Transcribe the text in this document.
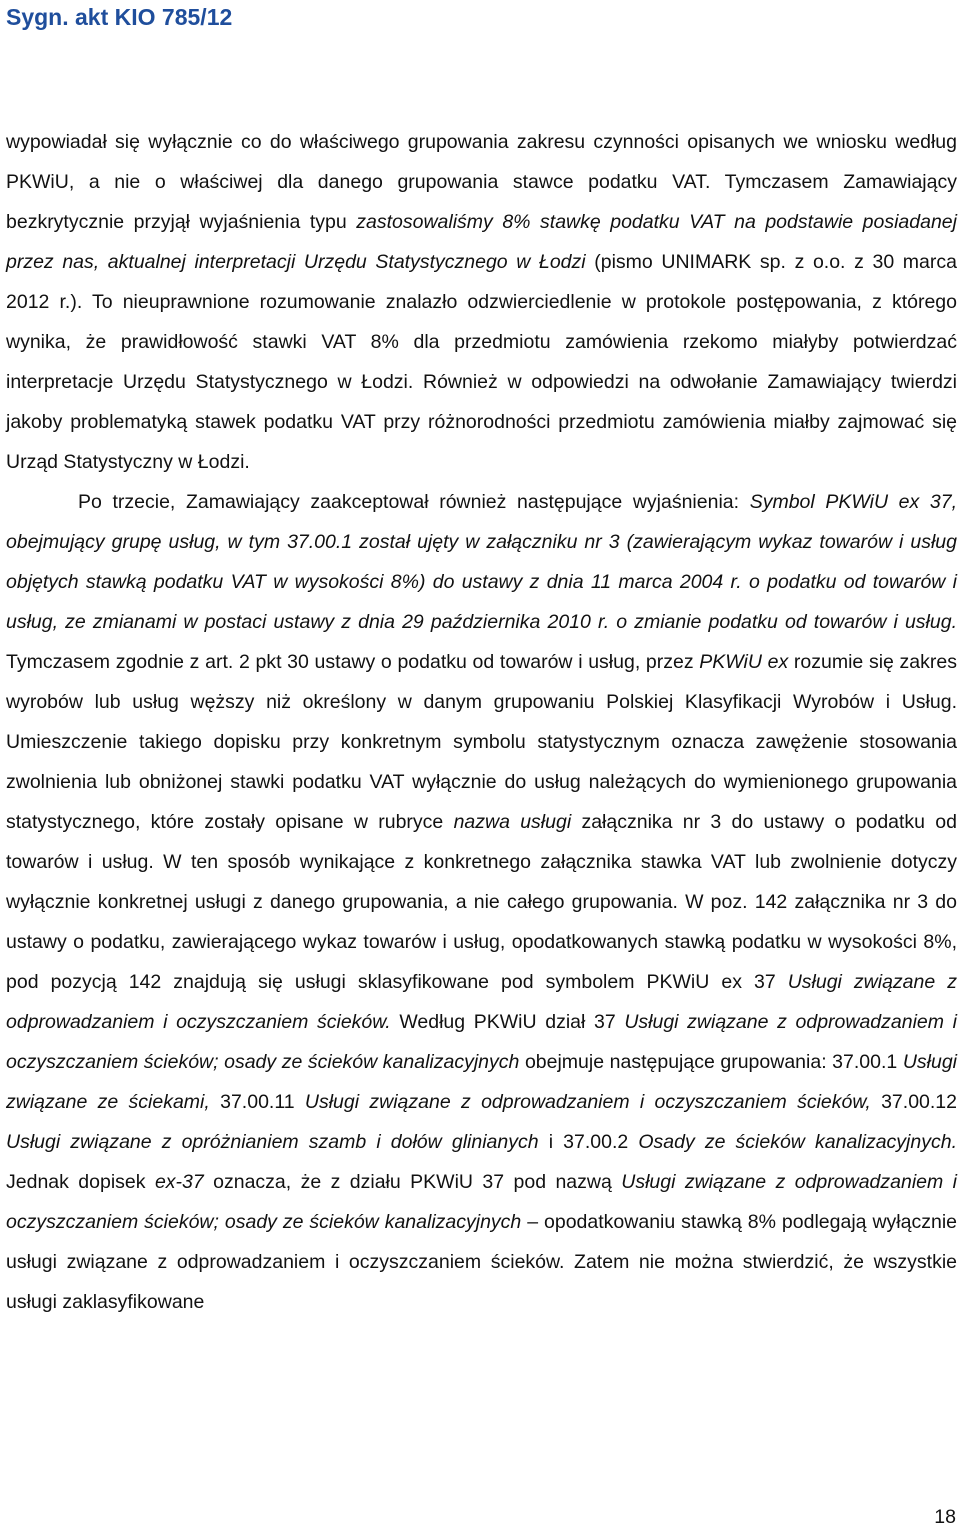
Sygn. akt KIO 785/12

wypowiadał się wyłącznie co do właściwego grupowania zakresu czynności opisanych we wniosku według PKWiU, a nie o właściwej dla danego grupowania stawce podatku VAT. Tymczasem Zamawiający bezkrytycznie przyjął wyjaśnienia typu zastosowaliśmy 8% stawkę podatku VAT na podstawie posiadanej przez nas, aktualnej interpretacji Urzędu Statystycznego w Łodzi (pismo UNIMARK sp. z o.o. z 30 marca 2012 r.). To nieuprawnione rozumowanie znalazło odzwierciedlenie w protokole postępowania, z którego wynika, że prawidłowość stawki VAT 8% dla przedmiotu zamówienia rzekomo miałyby potwierdzać interpretacje Urzędu Statystycznego w Łodzi. Również w odpowiedzi na odwołanie Zamawiający twierdzi jakoby problematyką stawek podatku VAT przy różnorodności przedmiotu zamówienia miałby zajmować się Urząd Statystyczny w Łodzi.

Po trzecie, Zamawiający zaakceptował również następujące wyjaśnienia: Symbol PKWiU ex 37, obejmujący grupę usług, w tym 37.00.1 został ujęty w załączniku nr 3 (zawierającym wykaz towarów i usług objętych stawką podatku VAT w wysokości 8%) do ustawy z dnia 11 marca 2004 r. o podatku od towarów i usług, ze zmianami w postaci ustawy z dnia 29 października 2010 r. o zmianie podatku od towarów i usług. Tymczasem zgodnie z art. 2 pkt 30 ustawy o podatku od towarów i usług, przez PKWiU ex rozumie się zakres wyrobów lub usług węższy niż określony w danym grupowaniu Polskiej Klasyfikacji Wyrobów i Usług. Umieszczenie takiego dopisku przy konkretnym symbolu statystycznym oznacza zawężenie stosowania zwolnienia lub obniżonej stawki podatku VAT wyłącznie do usług należących do wymienionego grupowania statystycznego, które zostały opisane w rubryce nazwa usługi załącznika nr 3 do ustawy o podatku od towarów i usług. W ten sposób wynikające z konkretnego załącznika stawka VAT lub zwolnienie dotyczy wyłącznie konkretnej usługi z danego grupowania, a nie całego grupowania. W poz. 142 załącznika nr 3 do ustawy o podatku, zawierającego wykaz towarów i usług, opodatkowanych stawką podatku w wysokości 8%, pod pozycją 142 znajdują się usługi sklasyfikowane pod symbolem PKWiU ex 37 Usługi związane z odprowadzaniem i oczyszczaniem ścieków. Według PKWiU dział 37 Usługi związane z odprowadzaniem i oczyszczaniem ścieków; osady ze ścieków kanalizacyjnych obejmuje następujące grupowania: 37.00.1 Usługi związane ze ściekami, 37.00.11 Usługi związane z odprowadzaniem i oczyszczaniem ścieków, 37.00.12 Usługi związane z opróżnianiem szamb i dołów glinianych i 37.00.2 Osady ze ścieków kanalizacyjnych. Jednak dopisek ex-37 oznacza, że z działu PKWiU 37 pod nazwą Usługi związane z odprowadzaniem i oczyszczaniem ścieków; osady ze ścieków kanalizacyjnych – opodatkowaniu stawką 8% podlegają wyłącznie usługi związane z odprowadzaniem i oczyszczaniem ścieków. Zatem nie można stwierdzić, że wszystkie usługi zaklasyfikowane

18
